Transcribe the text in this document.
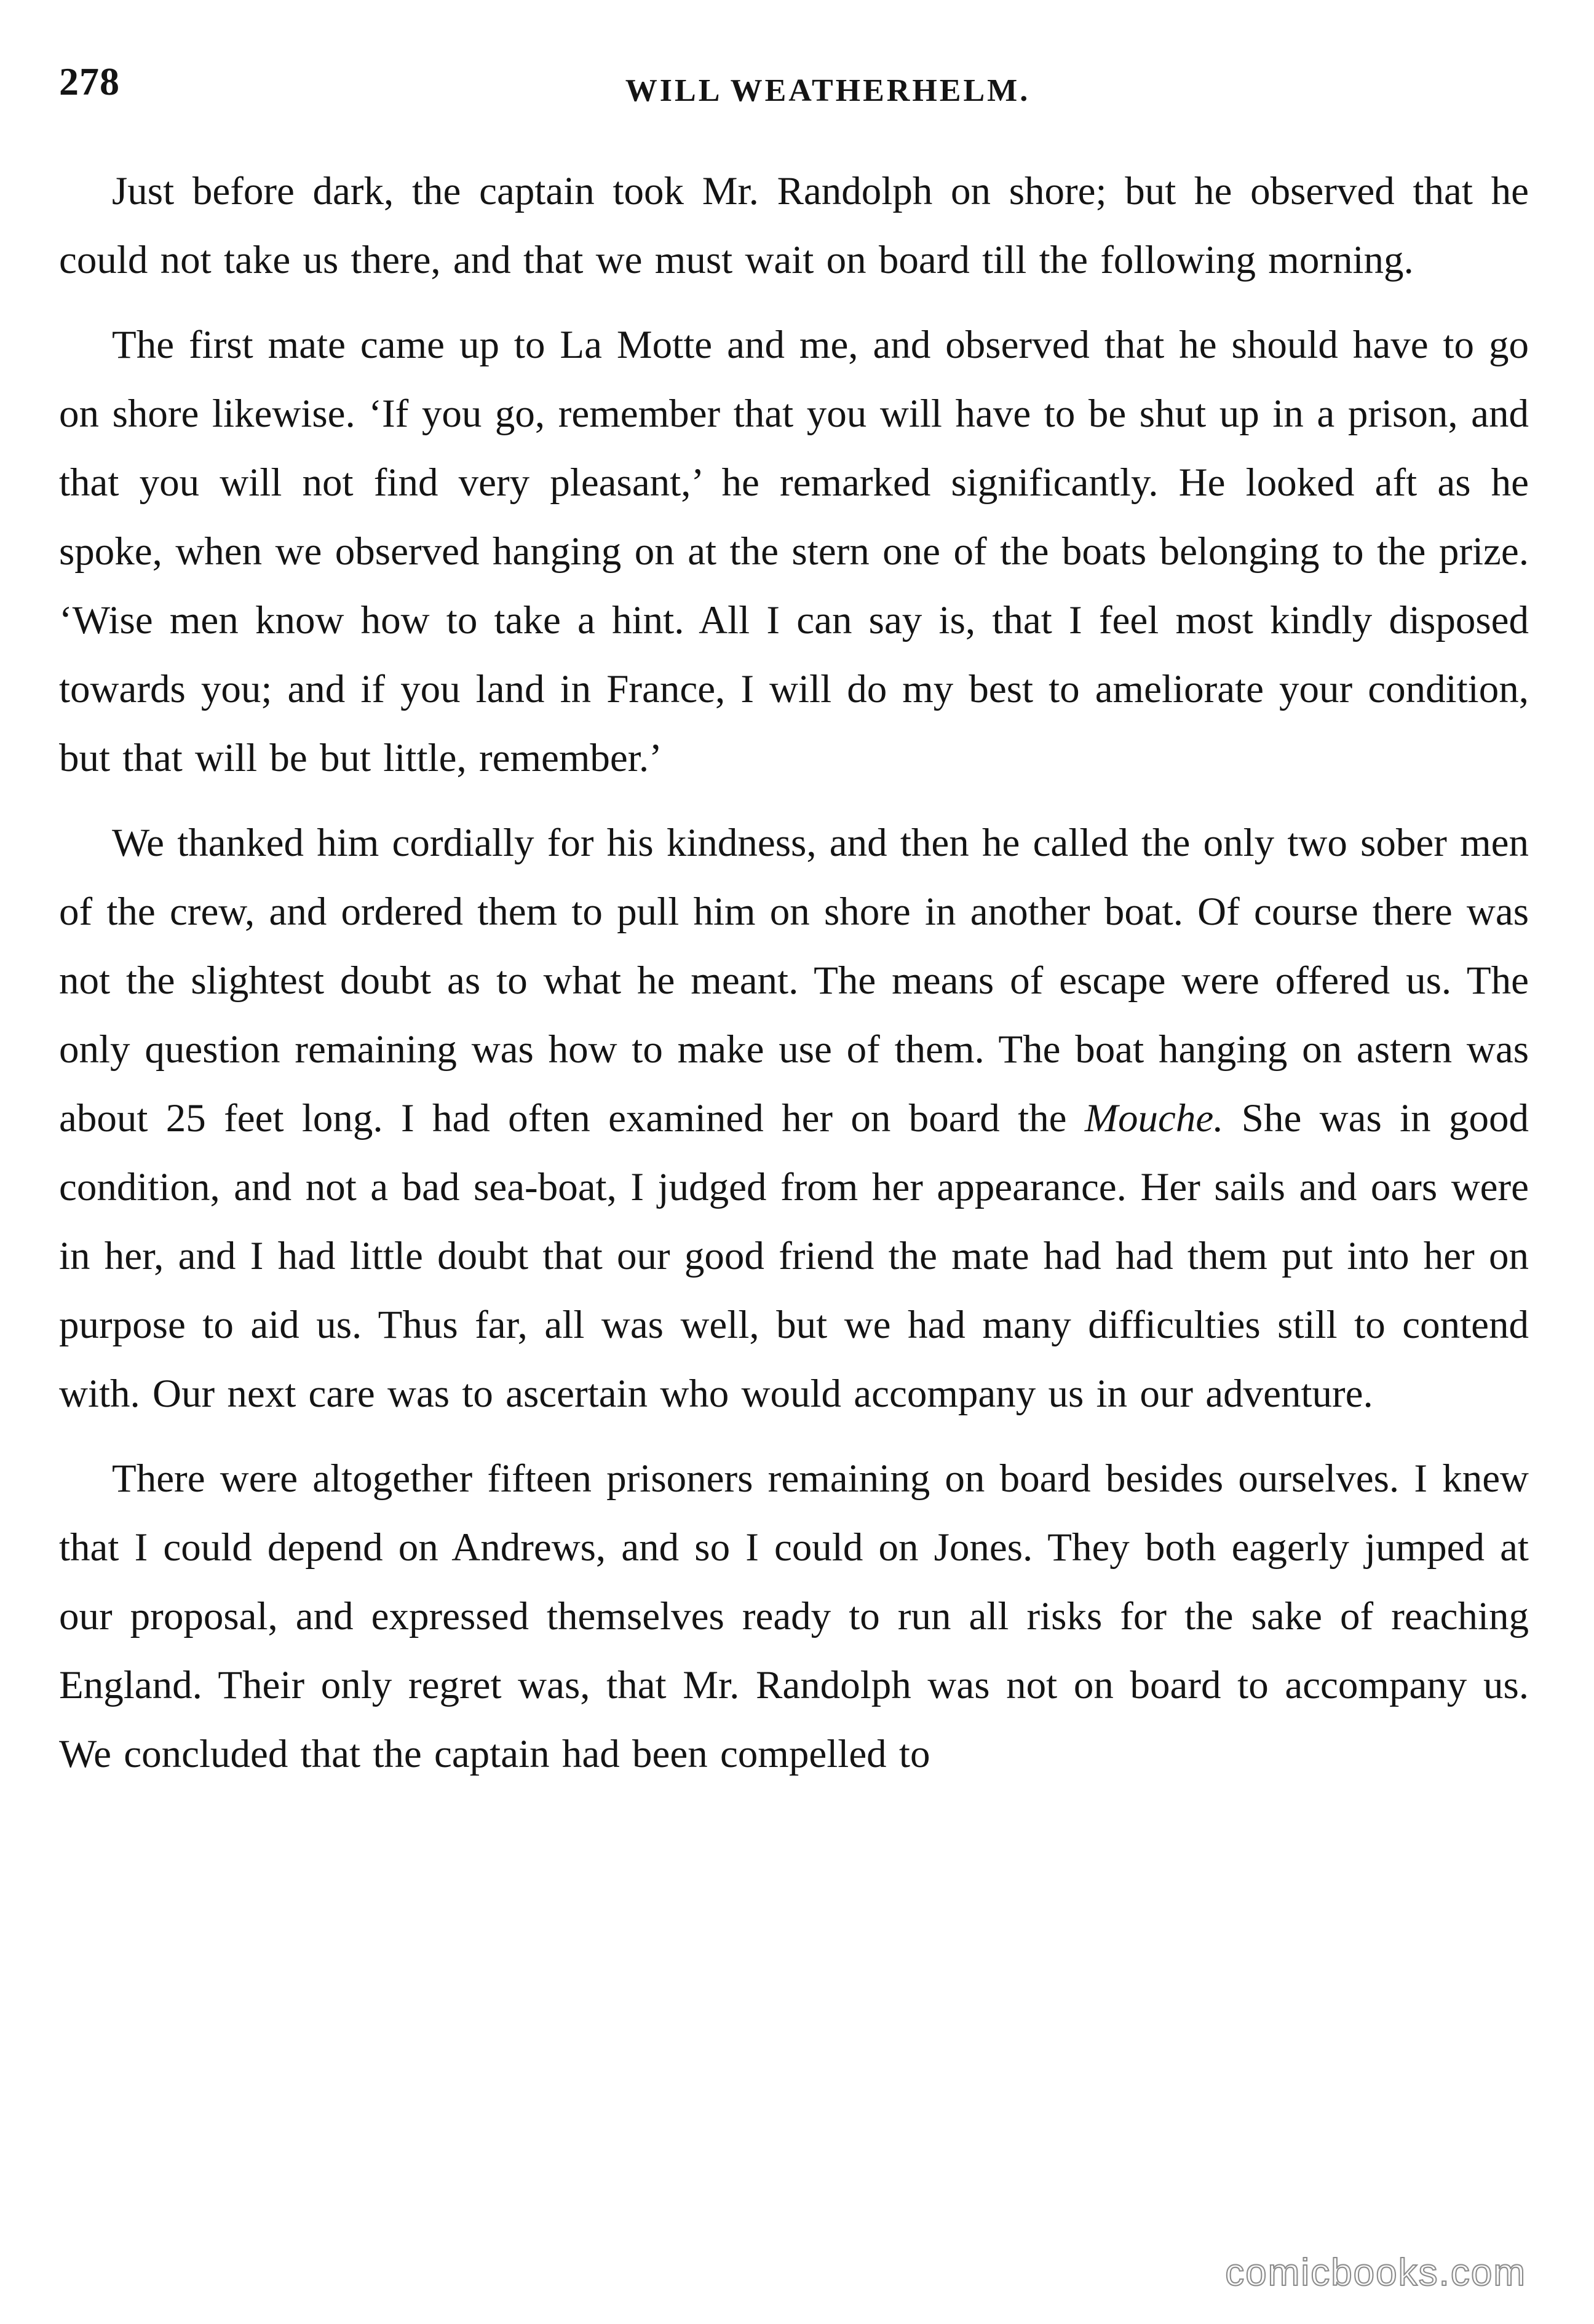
278	WILL WEATHERHELM.

Just before dark, the captain took Mr. Randolph on shore; but he observed that he could not take us there, and that we must wait on board till the following morning.

The first mate came up to La Motte and me, and observed that he should have to go on shore likewise. ‘If you go, remember that you will have to be shut up in a prison, and that you will not find very pleasant,’ he remarked significantly. He looked aft as he spoke, when we observed hanging on at the stern one of the boats belonging to the prize. ‘Wise men know how to take a hint. All I can say is, that I feel most kindly disposed towards you; and if you land in France, I will do my best to ameliorate your condition, but that will be but little, remember.’

We thanked him cordially for his kindness, and then he called the only two sober men of the crew, and ordered them to pull him on shore in another boat. Of course there was not the slightest doubt as to what he meant. The means of escape were offered us. The only question remaining was how to make use of them. The boat hanging on astern was about 25 feet long. I had often examined her on board the Mouche. She was in good condition, and not a bad sea-boat, I judged from her appearance. Her sails and oars were in her, and I had little doubt that our good friend the mate had had them put into her on purpose to aid us. Thus far, all was well, but we had many difficulties still to contend with. Our next care was to ascertain who would accompany us in our adventure.

There were altogether fifteen prisoners remaining on board besides ourselves. I knew that I could depend on Andrews, and so I could on Jones. They both eagerly jumped at our proposal, and expressed themselves ready to run all risks for the sake of reaching England. Their only regret was, that Mr. Randolph was not on board to accompany us. We concluded that the captain had been compelled to

comicbooks.com
